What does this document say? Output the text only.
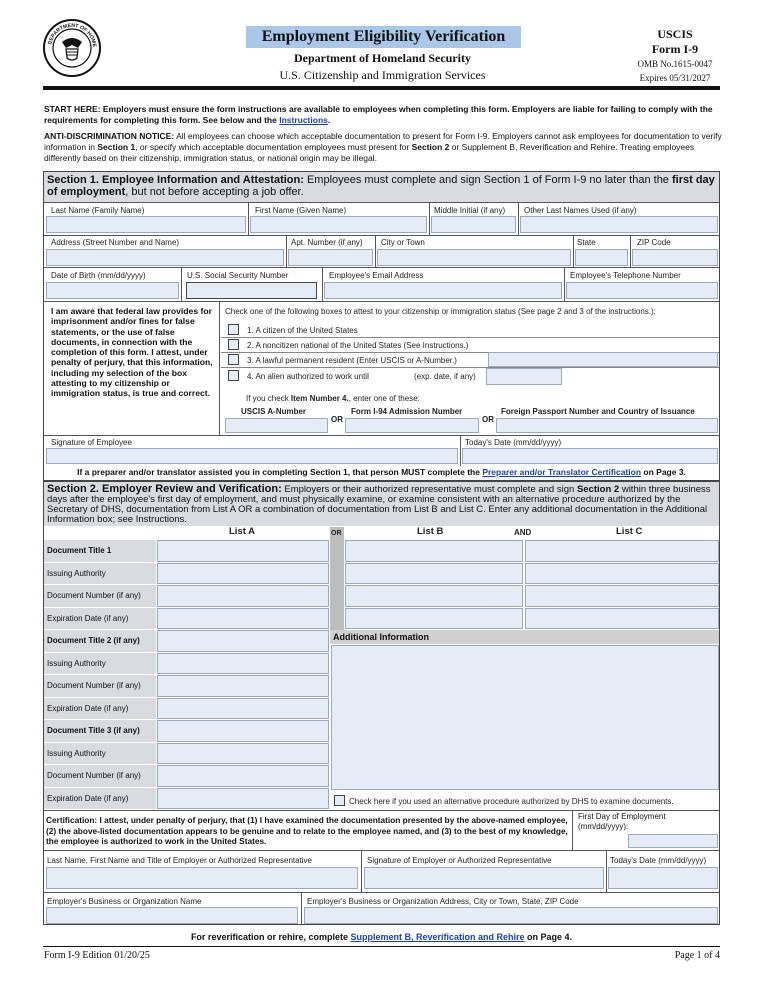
DEPARTMENT OF HOME
Employment Eligibility Verification
Department of Homeland Security
U.S. Citizenship and Immigration Services
USCIS
Form I-9
OMB No.1615-0047
Expires 05/31/2027
START HERE: Employers must ensure the form instructions are available to employees when completing this form. Employers are liable for failing to comply with the requirements for completing this form. See below and the Instructions.
ANTI-DISCRIMINATION NOTICE: All employees can choose which acceptable documentation to present for Form I-9. Employers cannot ask employees for documentation to verify information in Section 1, or specify which acceptable documentation employees must present for Section 2 or Supplement B, Reverification and Rehire. Treating employees differently based on their citizenship, immigration status, or national origin may be illegal.
Section 1. Employee Information and Attestation: Employees must complete and sign Section 1 of Form I-9 no later than the first day of employment, but not before accepting a job offer.
Last Name (Family Name)	First Name (Given Name)	Middle Initial (if any) Other Last Names Used (if any)
Address (Street Number and Name)	Apt. Number (if any) City or Town	State	ZIP Code
Date of Birth (mm/dd/yyyy)	U.S. Social Security Number	Employee's Email Address	Employee's Telephone Number
I am aware that federal law provides for imprisonment and/or fines for false statements, or the use of false documents, in connection with the completion of this form. I attest, under penalty of perjury, that this information, including my selection of the box attesting to my citizenship or immigration status, is true and correct.
Check one of the following boxes to attest to your citizenship or immigration status (See page 2 and 3 of the instructions.):
1. A citizen of the United States
2. A noncitizen national of the United States (See Instructions.)
3. A lawful permanent resident (Enter USCIS or A-Number.)
4. An alien authorized to work until	(exp. date, if any)
If you check Item Number 4., enter one of these:
USCIS A-Number
OR
Form I-94 Admission Number
OR
Foreign Passport Number and Country of Issuance
Signature of Employee	Today's Date (mm/dd/yyyy)
If a preparer and/or translator assisted you in completing Section 1, that person MUST complete the Preparer and/or Translator Certification on Page 3.
Section 2. Employer Review and Verification: Employers or their authorized representative must complete and sign Section 2 within three business days after the employee's first day of employment, and must physically examine, or examine consistent with an alternative procedure authorized by the Secretary of DHS, documentation from List A OR a combination of documentation from List B and List C. Enter any additional documentation in the Additional Information box; see Instructions.
List A	OR	List B	AND	List C
Document Title 1
Issuing Authority
Document Number (if any)
Expiration Date (if any)
Document Title 2 (if any)
Issuing Authority
Document Number (if any)
Expiration Date (if any)
Document Title 3 (if any)
Issuing Authority
Document Number (if any)
Expiration Date (if any)
Additional Information
Check here if you used an alternative procedure authorized by DHS to examine documents.
Certification: I attest, under penalty of perjury, that (1) I have examined the documentation presented by the above-named employee, (2) the above-listed documentation appears to be genuine and to relate to the employee named, and (3) to the best of my knowledge, the employee is authorized to work in the United States.
First Day of Employment (mm/dd/yyyy):
Last Name, First Name and Title of Employer or Authorized Representative	Signature of Employer or Authorized Representative	Today's Date (mm/dd/yyyy)
Employer's Business or Organization Name	Employer's Business or Organization Address, City or Town, State, ZIP Code
For reverification or rehire, complete Supplement B, Reverification and Rehire on Page 4.
Form I-9 Edition 01/20/25	Page 1 of 4
